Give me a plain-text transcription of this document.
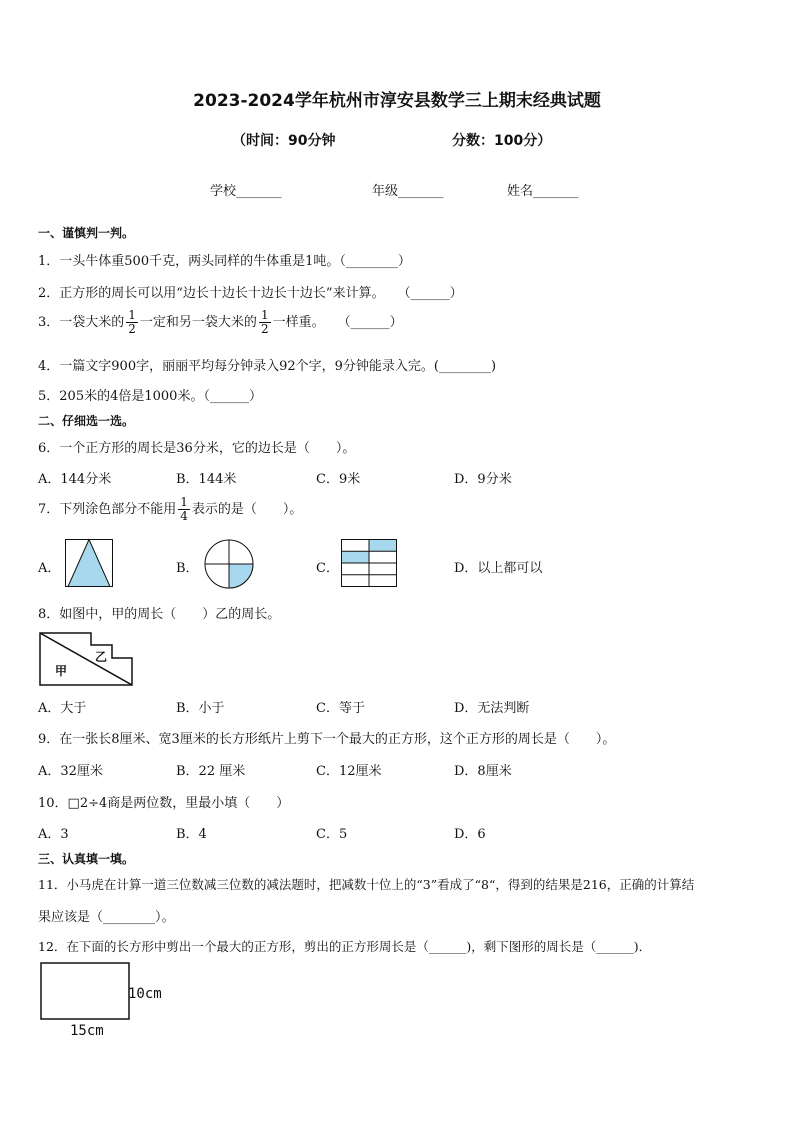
2023-2024学年杭州市淳安县数学三上期末经典试题
（时间：90分钟	分数：100分）
学校_______	年级_______	姓名_______
一、谨慎判一判。
1．一头牛体重500千克，两头同样的牛体重是1吨。（________）
2．正方形的周长可以用“边长十边长十边长十边长”来计算。　　（______）
3．一袋大米的 $\frac{1}{2}$ 一定和另一袋大米的 $\frac{1}{2}$ 一样重。　　（______）
4．一篇文字900字，丽丽平均每分钟录入92个字，9分钟能录入完。(________)
5．205米的4倍是1000米。（______）
二、仔细选一选。
6．一个正方形的周长是36分米，它的边长是（　　）。
A．144分米	B．144米	C．9米	D．9分米
7．下列涂色部分不能用 $\frac{1}{4}$ 表示的是（　　）。
A．	B．	C．	D．以上都可以
8．如图中，甲的周长（　　）乙的周长。
甲
乙
A．大于	B．小于	C．等于	D．无法判断
9．在一张长8厘米、宽3厘米的长方形纸片上剪下一个最大的正方形，这个正方形的周长是（　　）。
A．32厘米	B．22 厘米	C．12厘米	D．8厘米
10．□2÷4商是两位数，里最小填（　　）
A．3	B．4	C．5	D．6
三、认真填一填。
11．小马虎在计算一道三位数减三位数的减法题时，把减数十位上的“3”看成了“8“，得到的结果是216，正确的计算结
果应该是（________）。
12．在下面的长方形中剪出一个最大的正方形，剪出的正方形周长是（______)，剩下图形的周长是（______)．
10cm
15cm
